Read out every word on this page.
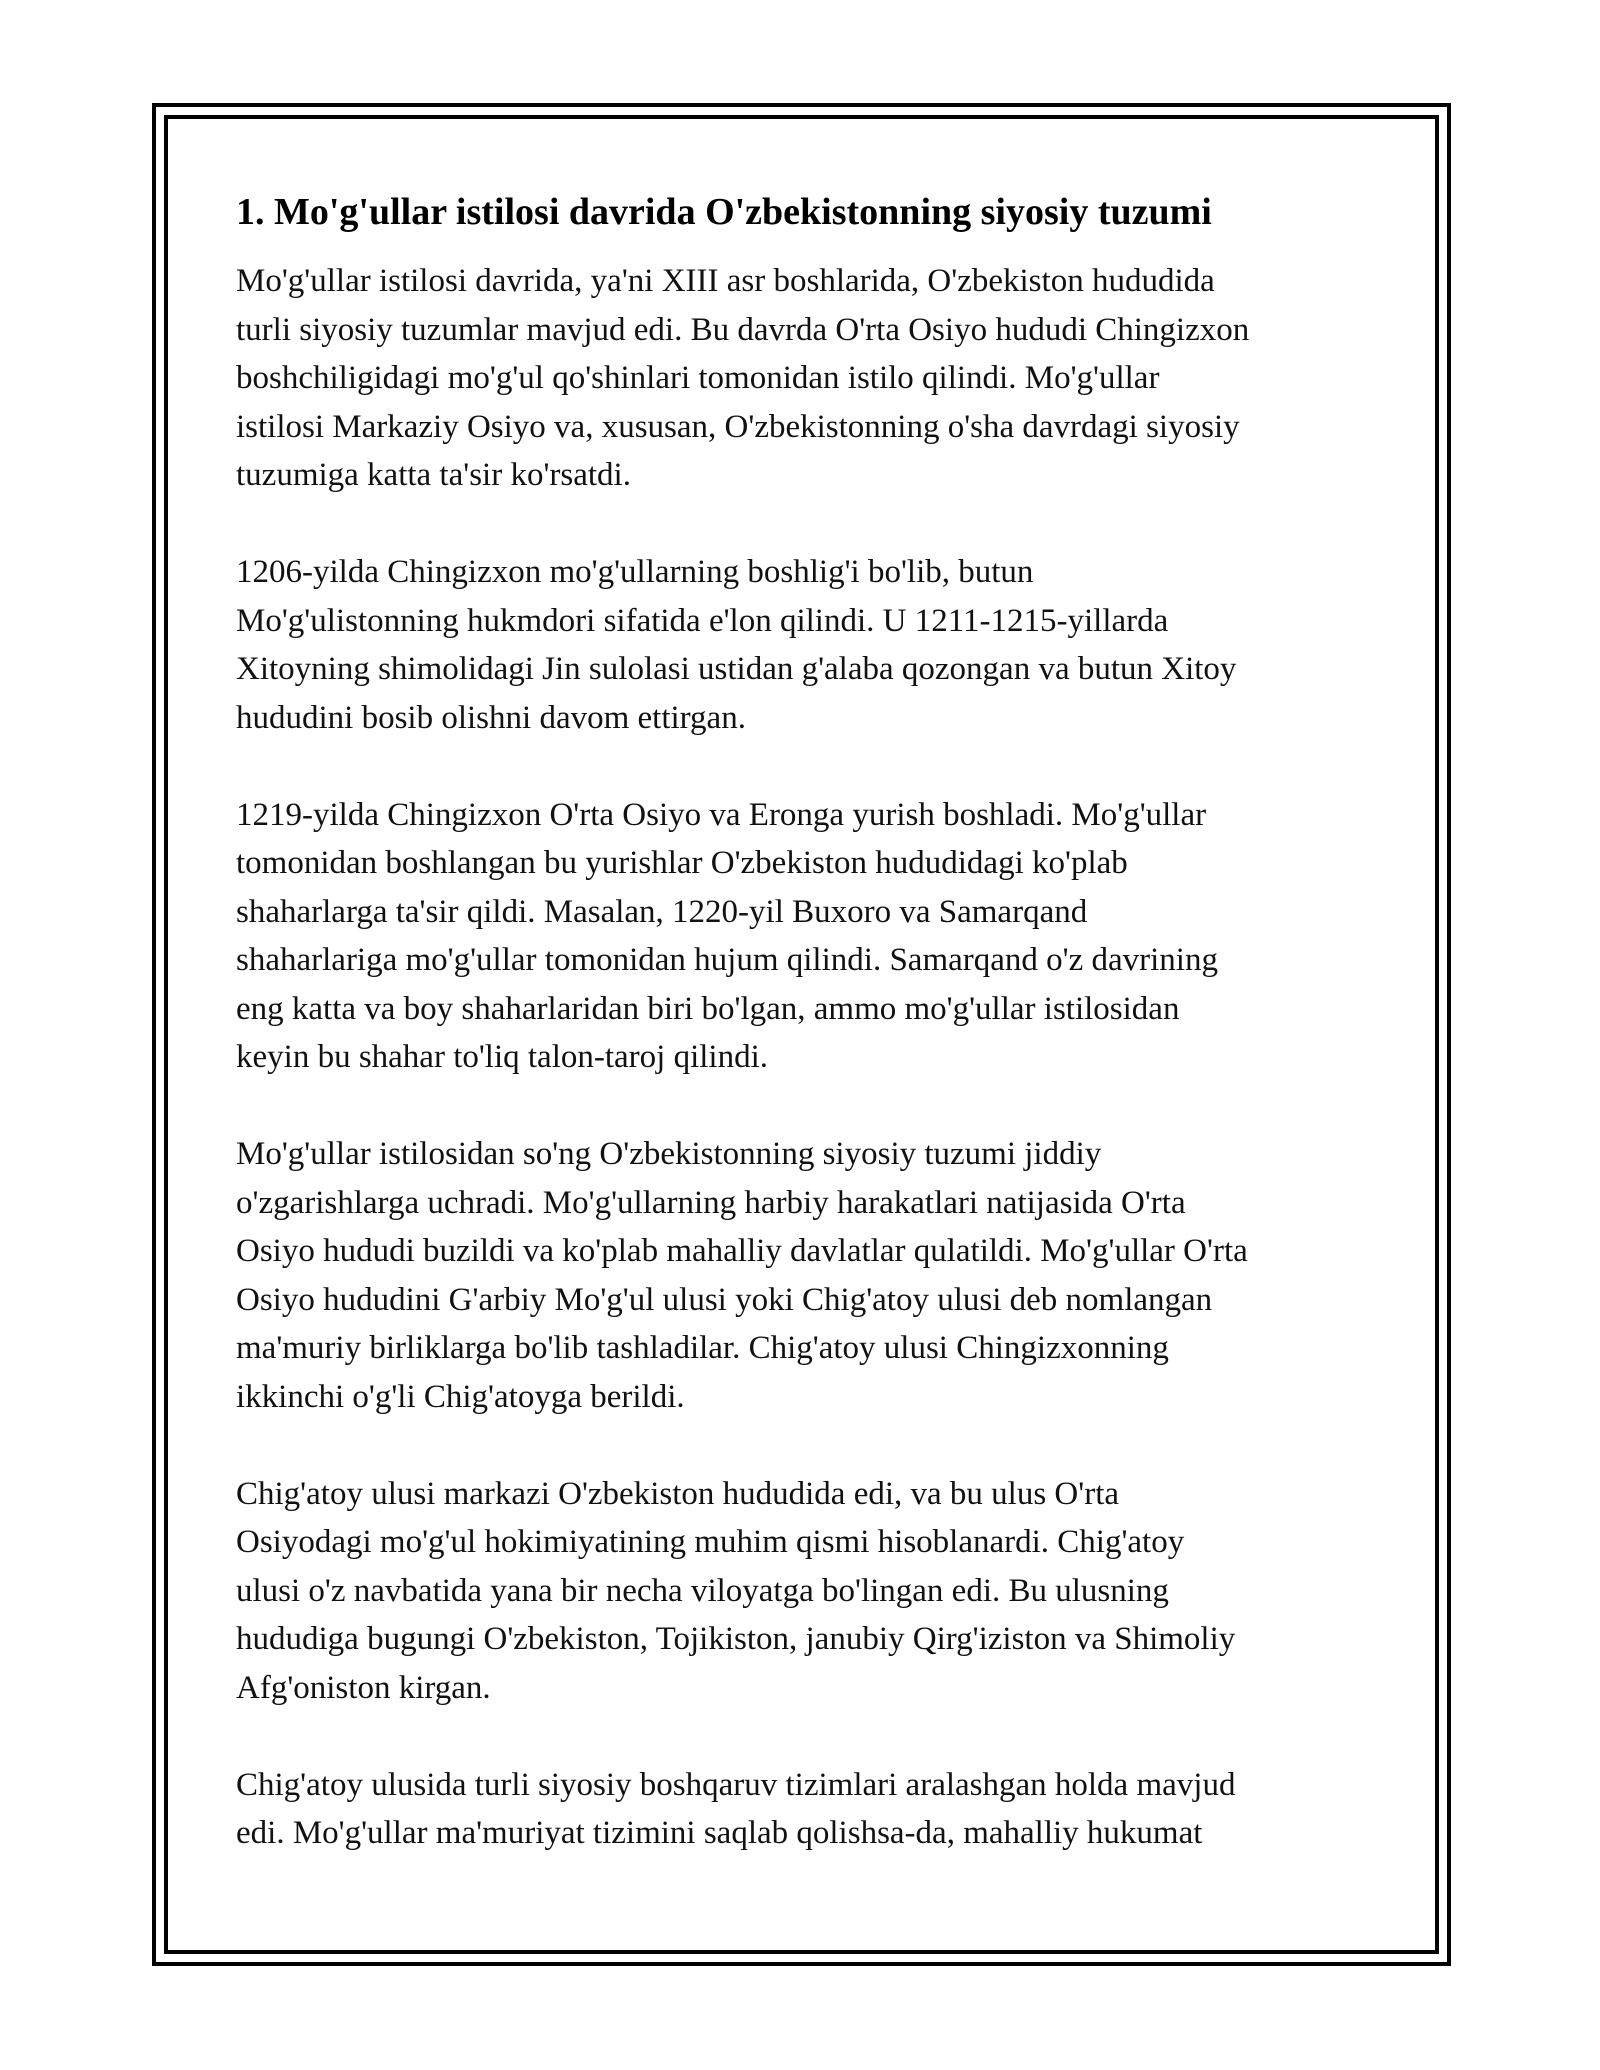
1. Mo'g'ullar istilosi davrida O'zbekistonning siyosiy tuzumi
Mo'g'ullar istilosi davrida, ya'ni XIII asr boshlarida, O'zbekiston hududida
turli siyosiy tuzumlar mavjud edi. Bu davrda O'rta Osiyo hududi Chingizxon
boshchiligidagi mo'g'ul qo'shinlari tomonidan istilo qilindi. Mo'g'ullar
istilosi Markaziy Osiyo va, xususan, O'zbekistonning o'sha davrdagi siyosiy
tuzumiga katta ta'sir ko'rsatdi.
1206-yilda Chingizxon mo'g'ullarning boshlig'i bo'lib, butun
Mo'g'ulistonning hukmdori sifatida e'lon qilindi. U 1211-1215-yillarda
Xitoyning shimolidagi Jin sulolasi ustidan g'alaba qozongan va butun Xitoy
hududini bosib olishni davom ettirgan.
1219-yilda Chingizxon O'rta Osiyo va Eronga yurish boshladi. Mo'g'ullar
tomonidan boshlangan bu yurishlar O'zbekiston hududidagi ko'plab
shaharlarga ta'sir qildi. Masalan, 1220-yil Buxoro va Samarqand
shaharlariga mo'g'ullar tomonidan hujum qilindi. Samarqand o'z davrining
eng katta va boy shaharlaridan biri bo'lgan, ammo mo'g'ullar istilosidan
keyin bu shahar to'liq talon-taroj qilindi.
Mo'g'ullar istilosidan so'ng O'zbekistonning siyosiy tuzumi jiddiy
o'zgarishlarga uchradi. Mo'g'ullarning harbiy harakatlari natijasida O'rta
Osiyo hududi buzildi va ko'plab mahalliy davlatlar qulatildi. Mo'g'ullar O'rta
Osiyo hududini G'arbiy Mo'g'ul ulusi yoki Chig'atoy ulusi deb nomlangan
ma'muriy birliklarga bo'lib tashladilar. Chig'atoy ulusi Chingizxonning
ikkinchi o'g'li Chig'atoyga berildi.
Chig'atoy ulusi markazi O'zbekiston hududida edi, va bu ulus O'rta
Osiyodagi mo'g'ul hokimiyatining muhim qismi hisoblanardi. Chig'atoy
ulusi o'z navbatida yana bir necha viloyatga bo'lingan edi. Bu ulusning
hududiga bugungi O'zbekiston, Tojikiston, janubiy Qirg'iziston va Shimoliy
Afg'oniston kirgan.
Chig'atoy ulusida turli siyosiy boshqaruv tizimlari aralashgan holda mavjud
edi. Mo'g'ullar ma'muriyat tizimini saqlab qolishsa-da, mahalliy hukumat
